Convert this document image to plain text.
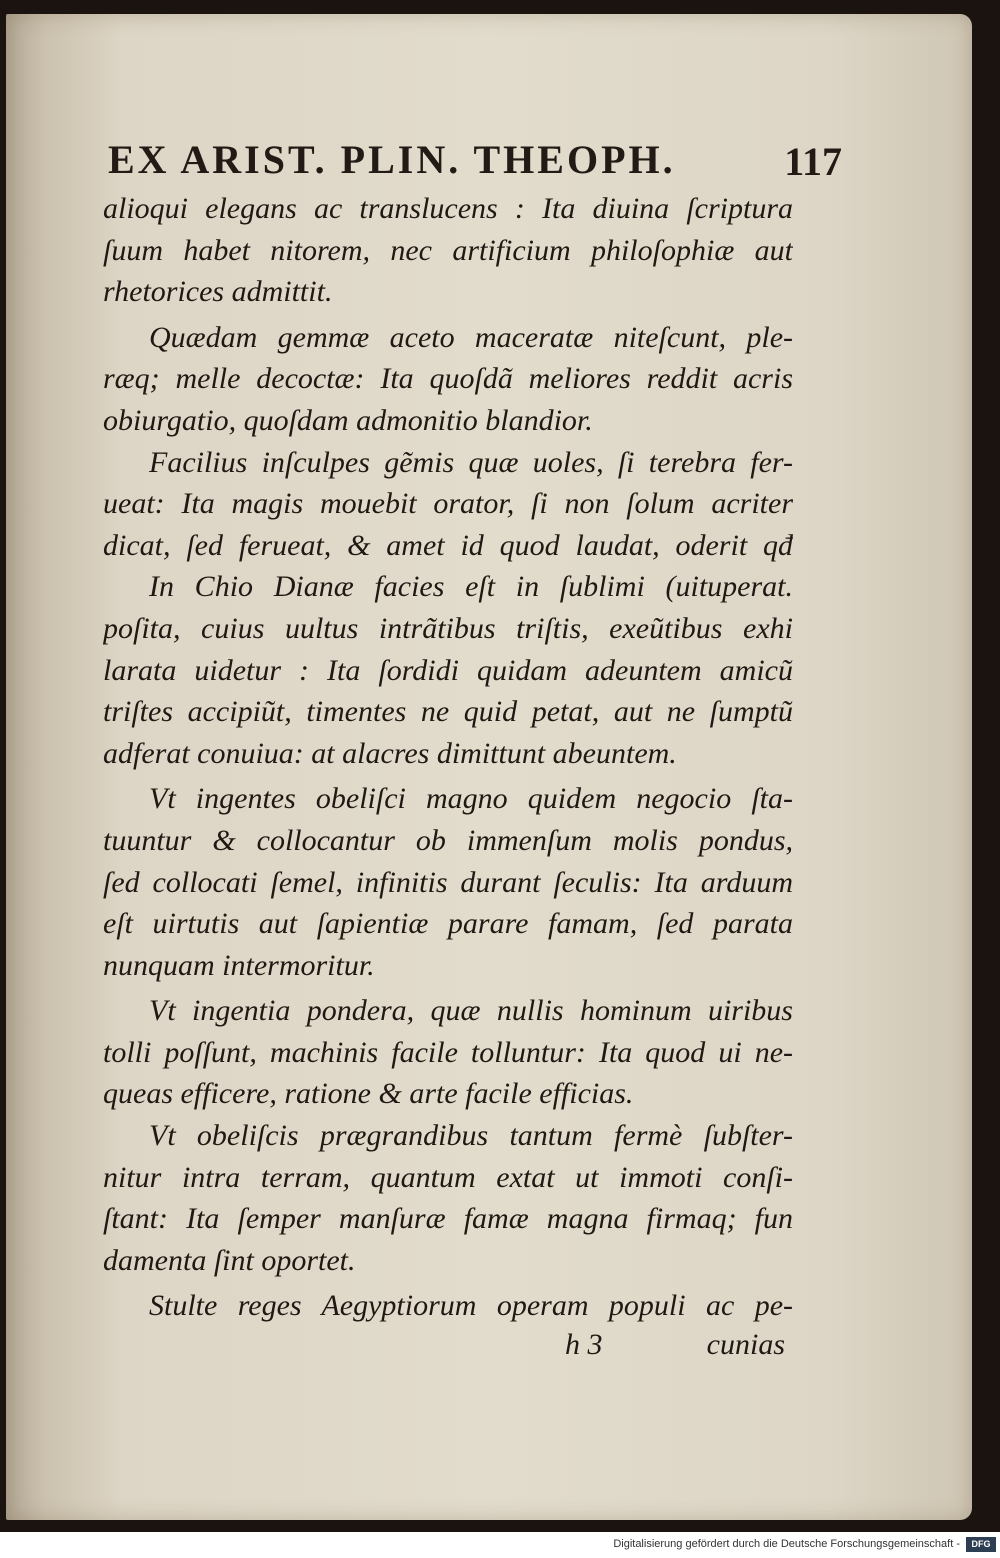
EX ARIST. PLIN. THEOPH.	117
alioqui elegans ac translucens : Ita diuina ſcriptura
ſuum habet nitorem, nec artificium philoſophiæ aut
rhetorices admittit.
Quædam gemmæ aceto maceratæ niteſcunt, ple-
ræq; melle decoctæ: Ita quoſdã meliores reddit acris
obiurgatio, quoſdam admonitio blandior.
Facilius inſculpes gẽmis quæ uoles, ſi terebra fer-
ueat: Ita magis mouebit orator, ſi non ſolum acriter
dicat, ſed ferueat, & amet id quod laudat, oderit qđ
In Chio Dianæ facies eſt in ſublimi (uituperat.
poſita, cuius uultus intrãtibus triſtis, exeũtibus exhi
larata uidetur : Ita ſordidi quidam adeuntem amicũ
triſtes accipiũt, timentes ne quid petat, aut ne ſumptũ
adferat conuiua: at alacres dimittunt abeuntem.
Vt ingentes obeliſci magno quidem negocio ſta-
tuuntur & collocantur ob immenſum molis pondus,
ſed collocati ſemel, infinitis durant ſeculis: Ita arduum
eſt uirtutis aut ſapientiæ parare famam, ſed parata
nunquam intermoritur.
Vt ingentia pondera, quæ nullis hominum uiribus
tolli poſſunt, machinis facile tolluntur: Ita quod ui ne-
queas efficere, ratione & arte facile efficias.
Vt obeliſcis prægrandibus tantum fermè ſubſter-
nitur intra terram, quantum extat ut immoti conſi-
ſtant: Ita ſemper manſuræ famæ magna firmaq; fun
damenta ſint oportet.
Stulte reges Aegyptiorum operam populi ac pe-
h 3	cunias
Digitalisierung gefördert durch die Deutsche Forschungsgemeinschaft -	DFG
